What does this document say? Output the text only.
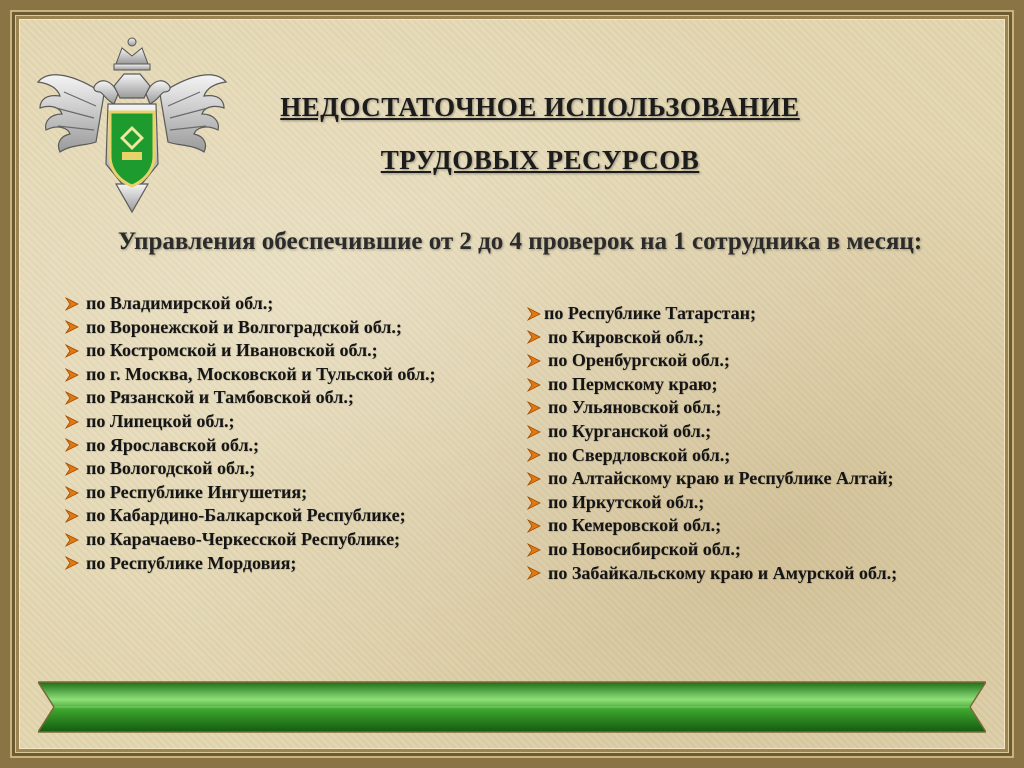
НЕДОСТАТОЧНОЕ ИСПОЛЬЗОВАНИЕ
ТРУДОВЫХ РЕСУРСОВ
Управления обеспечившие от 2 до 4 проверок на 1 сотрудника в месяц:
по Владимирской обл.;
по Воронежской и Волгоградской обл.;
по Костромской и Ивановской обл.;
по г. Москва, Московской и Тульской обл.;
по Рязанской и Тамбовской обл.;
по Липецкой обл.;
по Ярославской обл.;
по Вологодской обл.;
по Республике Ингушетия;
по Кабардино-Балкарской Республике;
по Карачаево-Черкесской Республике;
по Республике Мордовия;
по Республике Татарстан;
по Кировской обл.;
по Оренбургской обл.;
по Пермскому краю;
по Ульяновской обл.;
по Курганской обл.;
по Свердловской обл.;
по Алтайскому краю и Республике Алтай;
по Иркутской обл.;
по Кемеровской обл.;
по Новосибирской обл.;
по Забайкальскому краю и Амурской обл.;
